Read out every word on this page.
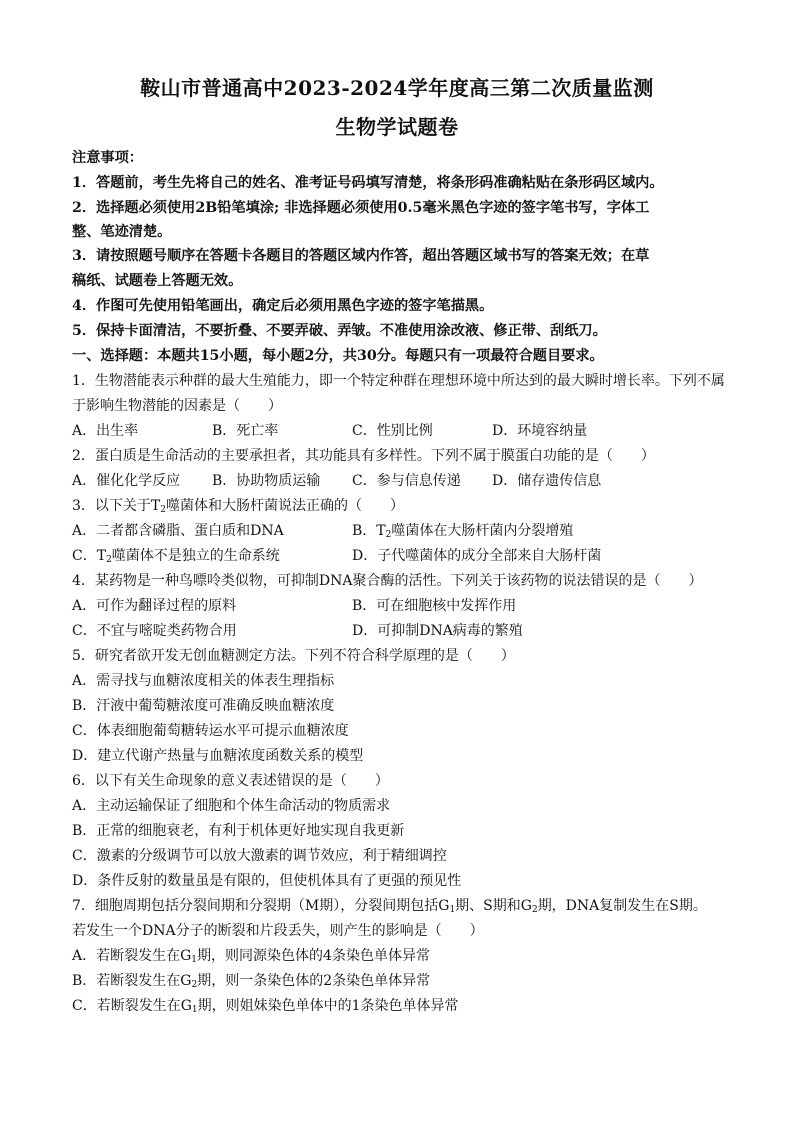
鞍山市普通高中2023-2024学年度高三第二次质量监测
生物学试题卷
注意事项：
1．答题前，考生先将自己的姓名、准考证号码填写清楚，将条形码准确粘贴在条形码区域内。
2．选择题必须使用2B铅笔填涂; 非选择题必须使用0.5毫米黑色字迹的签字笔书写，字体工
整、笔迹清楚。
3．请按照题号顺序在答题卡各题目的答题区域内作答，超出答题区域书写的答案无效；在草
稿纸、试题卷上答题无效。
4．作图可先使用铅笔画出，确定后必须用黑色字迹的签字笔描黑。
5．保持卡面清洁，不要折叠、不要弄破、弄皱。不准使用涂改液、修正带、刮纸刀。
一、选择题：本题共15小题，每小题2分，共30分。每题只有一项最符合题目要求。
1．生物潜能表示种群的最大生殖能力，即一个特定种群在理想环境中所达到的最大瞬时增长率。下列不属
于影响生物潜能的因素是（　　）
A．出生率	B．死亡率	C．性别比例	D．环境容纳量
2．蛋白质是生命活动的主要承担者，其功能具有多样性。下列不属于膜蛋白功能的是（　　）
A．催化化学反应 B．协助物质运输 C．参与信息传递 D．储存遗传信息
3．以下关于$T_2$噬菌体和大肠杆菌说法正确的（　　）
A．二者都含磷脂、蛋白质和DNA	B．$T_2$噬菌体在大肠杆菌内分裂增殖
C．$T_2$噬菌体不是独立的生命系统	D．子代噬菌体的成分全部来自大肠杆菌
4．某药物是一种鸟嘌呤类似物，可抑制DNA聚合酶的活性。下列关于该药物的说法错误的是（　　）
A．可作为翻译过程的原料	B．可在细胞核中发挥作用
C．不宜与嘧啶类药物合用	D．可抑制DNA病毒的繁殖
5．研究者欲开发无创血糖测定方法。下列不符合科学原理的是（　　）
A．需寻找与血糖浓度相关的体表生理指标
B．汗液中葡萄糖浓度可准确反映血糖浓度
C．体表细胞葡萄糖转运水平可提示血糖浓度
D．建立代谢产热量与血糖浓度函数关系的模型
6．以下有关生命现象的意义表述错误的是（　　）
A．主动运输保证了细胞和个体生命活动的物质需求
B．正常的细胞衰老，有利于机体更好地实现自我更新
C．激素的分级调节可以放大激素的调节效应，利于精细调控
D．条件反射的数量虽是有限的，但使机体具有了更强的预见性
7．细胞周期包括分裂间期和分裂期（M期），分裂间期包括$G_1$期、S期和$G_2$期，DNA复制发生在S期。
若发生一个DNA分子的断裂和片段丢失，则产生的影响是（　　）
A．若断裂发生在$G_1$期，则同源染色体的4条染色单体异常
B．若断裂发生在$G_2$期，则一条染色体的2条染色单体异常
C．若断裂发生在$G_1$期，则姐妹染色单体中的1条染色单体异常
